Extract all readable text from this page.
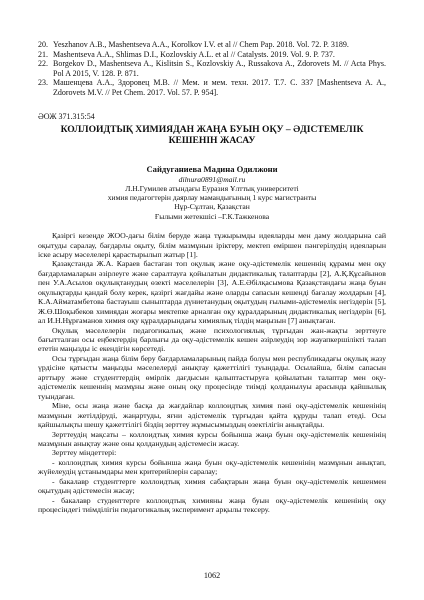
20. Yeszhanov A.B., Mashentseva A.A., Korolkov I.V. et al // Chem Pap. 2018. Vol. 72. P. 3189.
21. Mashentseva A.A., Shlimas D.I., Kozlovskiy A.L. et al // Catalysts. 2019. Vol. 9. P. 737.
22. Borgekov D., Mashentseva A., Kislitsin S., Kozlovskiy A., Russakova A., Zdorovets M. // Acta Phys. Pol A 2015, V. 128. P. 871.
23. Машенцева А.А., Здоровец М.В. // Мем. и мем. техн. 2017. Т.7. С. 337 [Mashentseva A. A., Zdorovets M.V. // Pet Chem. 2017. Vol. 57. P. 954].
ӘОЖ 371.315:54
КОЛЛОИДТЫҚ ХИМИЯДАН ЖАҢА БУЫН ОҚУ – ӘДІСТЕМЕЛІК КЕШЕНІН ЖАСАУ
Сайдуганиева Мадина Одилжони
dilnura0891@mail.ru
Л.Н.Гумилев атындағы Еуразия Ұлттық университеті
химия педагогтерін даярлау мамандығының 1 курс магистранты
Нұр-Сұлтан, Қазақстан
Ғылыми жетекшісі –Г.К.Тажкенова

Қазіргі кезеңде ЖОО-дағы білім беруде жаңа тұжырымды идеяларды мен даму жолдарына сай оқытуды саралау, бағдарлы оқыту, білім мазмұнын іріктеру, мектеп еміршен пәнгерілудің идеяларын іске асыру мәселелері қарастырылып жатыр [1].

Қазақстанда Ж.А. Караев бастаған топ оқулық және оқу-әдістемелік кешеннің құрамы мен оқу бағдарламаларын әзірлеуге және саралтауға қойылатын дидактикалық талаптарды [2], А.Қ.Құсайынов пен У.А.Асылов оқулықтанудың өзекті мәселелерін [3], А.Е.Әбілқасымова Қазақстандағы жаңа буын оқулықтарды қандай болу керек, қазіргі жағдайы және оларды сапасын кешенді бағалау жолдарын [4], К.А.Айматамбетова бастауыш сыныптарда дүниетанудың оқытудың ғылыми-әдістемелік негіздерін [5], Ж.Ө.Шоқыбеков химиядан жоғары мектепке арналған оқу құралдарының дидактикалық негіздерін [6], ал И.Н.Нұрғаманов химия оқу құралдарындағы химиялық тілдің маңызын [7] анықтаған.

Оқулық мәселелерін педагогикалық және психологиялық тұрғыдан жан-жақты зерттеуге бағытталған осы еңбектердің барлығы да оқу-әдістемелік кешен әзірлеудің зор жауапкершілікті талап ететін маңызды іс екендігін көрсетеді.

Осы тұрғыдан жаңа білім беру бағдарламаларының пайда болуы мен республикадағы оқулық жазу үрдісіне қатысты маңызды мәселелерді анықтау қажеттілігі туындады. Осылайша, білім сапасын арттыру және студенттердің өмірлік дағдысын қалыптастыруға қойылатын талаптар мен оқу-әдістемелік кешеннің мазмұны және оның оқу процесінде тиімді қолданылуы арасында қайшылық туындаған.

Міне, осы жаңа және басқа да жағдайлар коллоидтық химия пәні оқу-әдістемелік кешенінің мазмұнын жетілдіруді, жаңартуды, яғни әдістемелік тұрғыдан қайта құруды талап етеді. Осы қайшылықты шешу қажеттілігі біздің зерттеу жұмысымыздың өзектілігін анықтайды.

Зерттеудің мақсаты – коллоидтық химия курсы бойынша жаңа буын оқу-әдістемелік кешенінің мазмұнын анықтау және оны қолданудың әдістемесін жасау.

Зерттеу міндеттері:

- коллоидтық химия курсы бойынша жаңа буын оқу-әдістемелік кешенінің мазмұнын анықтап, жүйелеудің ұстанымдары мен критерийлерін саралау;

- бакалавр студенттерге коллоидтық химия сабақтарын жаңа буын оқу-әдістемелік кешенмен оқытудың әдістемесін жасау;

- бакалавр студенттерге коллоидтық химияны жаңа буын оқу-әдістемелік кешенінің оқу процесіндегі тиімділігін педагогикалық эксперимент арқылы тексеру.

1062
